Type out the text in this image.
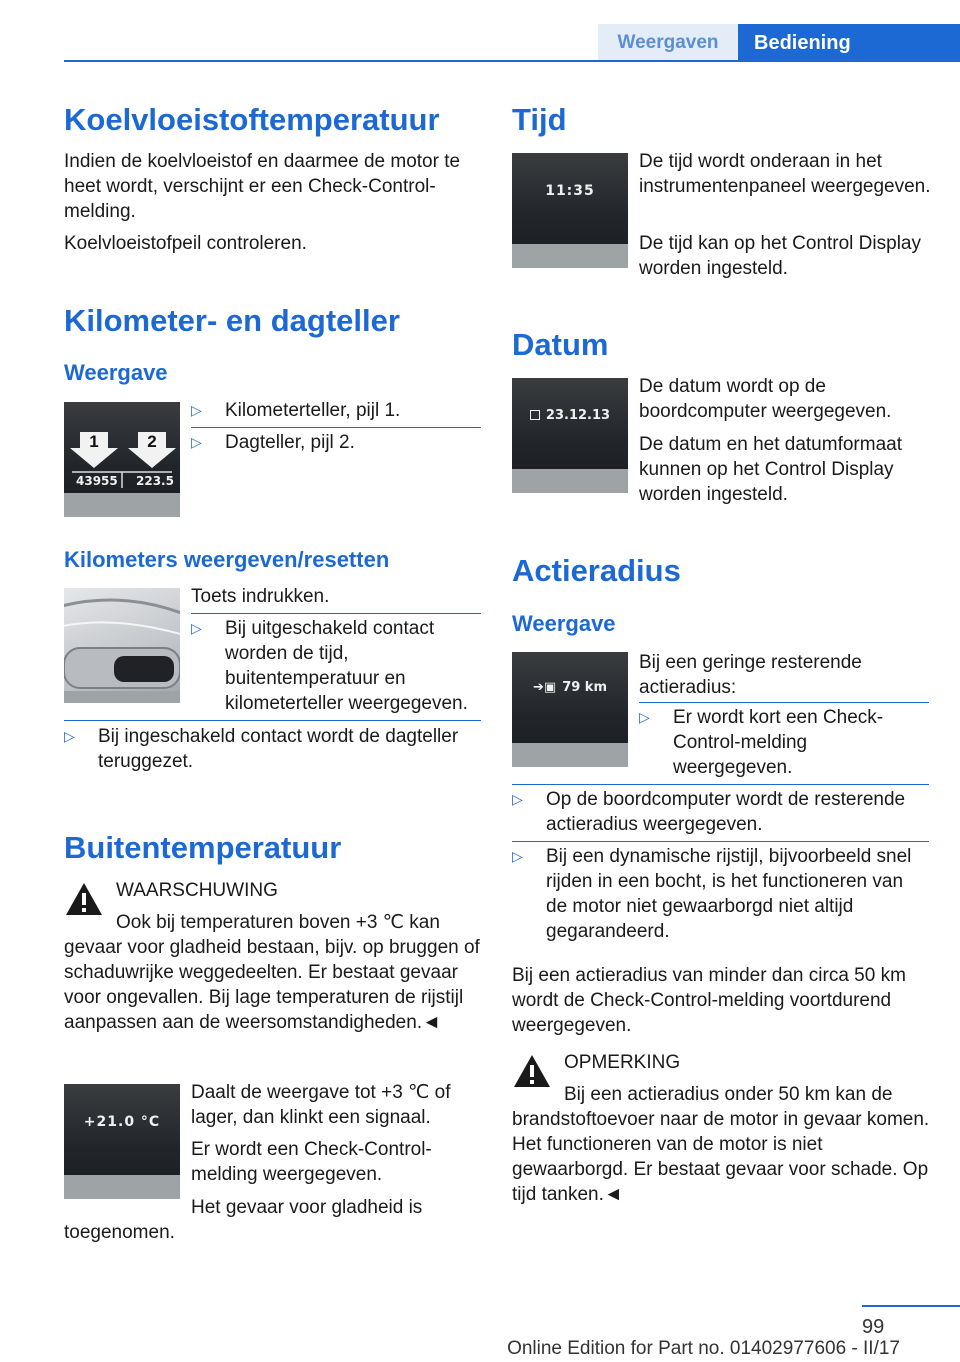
Weergaven	Bediening
Koelvloeistoftemperatuur
Indien de koelvloeistof en daarmee de motor te heet wordt, verschijnt er een Check-Control-melding.
Koelvloeistofpeil controleren.
Kilometer- en dagteller
Weergave
1	2
43955 223.5
▷ Kilometerteller, pijl 1.
▷ Dagteller, pijl 2.
Kilometers weergeven/resetten
Toets indrukken.
▷ Bij uitgeschakeld contact worden de tijd, buitentemperatuur en kilometerteller weergegeven.
▷ Bij ingeschakeld contact wordt de dagteller teruggezet.
Buitentemperatuur
WAARSCHUWING
Ook bij temperaturen boven +3 ℃ kan gevaar voor gladheid bestaan, bijv. op bruggen of schaduwrijke weggedeelten. Er bestaat gevaar voor ongevallen. Bij lage temperaturen de rijstijl aanpassen aan de weersomstandigheden.◄
+21.0 °C
Daalt de weergave tot +3 ℃ of lager, dan klinkt een signaal.
Er wordt een Check-Control-melding weergegeven.
Het gevaar voor gladheid is toegenomen.
Tijd
11:35
De tijd wordt onderaan in het instrumentenpaneel weergegeven.
De tijd kan op het Control Display worden ingesteld.
Datum
23.12.13
De datum wordt op de boordcomputer weergegeven.
De datum en het datumformaat kunnen op het Control Display worden ingesteld.
Actieradius
Weergave
➔▣ 79 km
Bij een geringe resterende actieradius:
▷ Er wordt kort een Check-Control-melding weergegeven.
▷ Op de boordcomputer wordt de resterende actieradius weergegeven.
▷ Bij een dynamische rijstijl, bijvoorbeeld snel rijden in een bocht, is het functioneren van de motor niet gewaarborgd niet altijd gegarandeerd.
Bij een actieradius van minder dan circa 50 km wordt de Check-Control-melding voortdurend weergegeven.
OPMERKING
Bij een actieradius onder 50 km kan de brandstoftoevoer naar de motor in gevaar komen. Het functioneren van de motor is niet gewaarborgd. Er bestaat gevaar voor schade. Op tijd tanken.◄
99
Online Edition for Part no. 01402977606 - II/17
